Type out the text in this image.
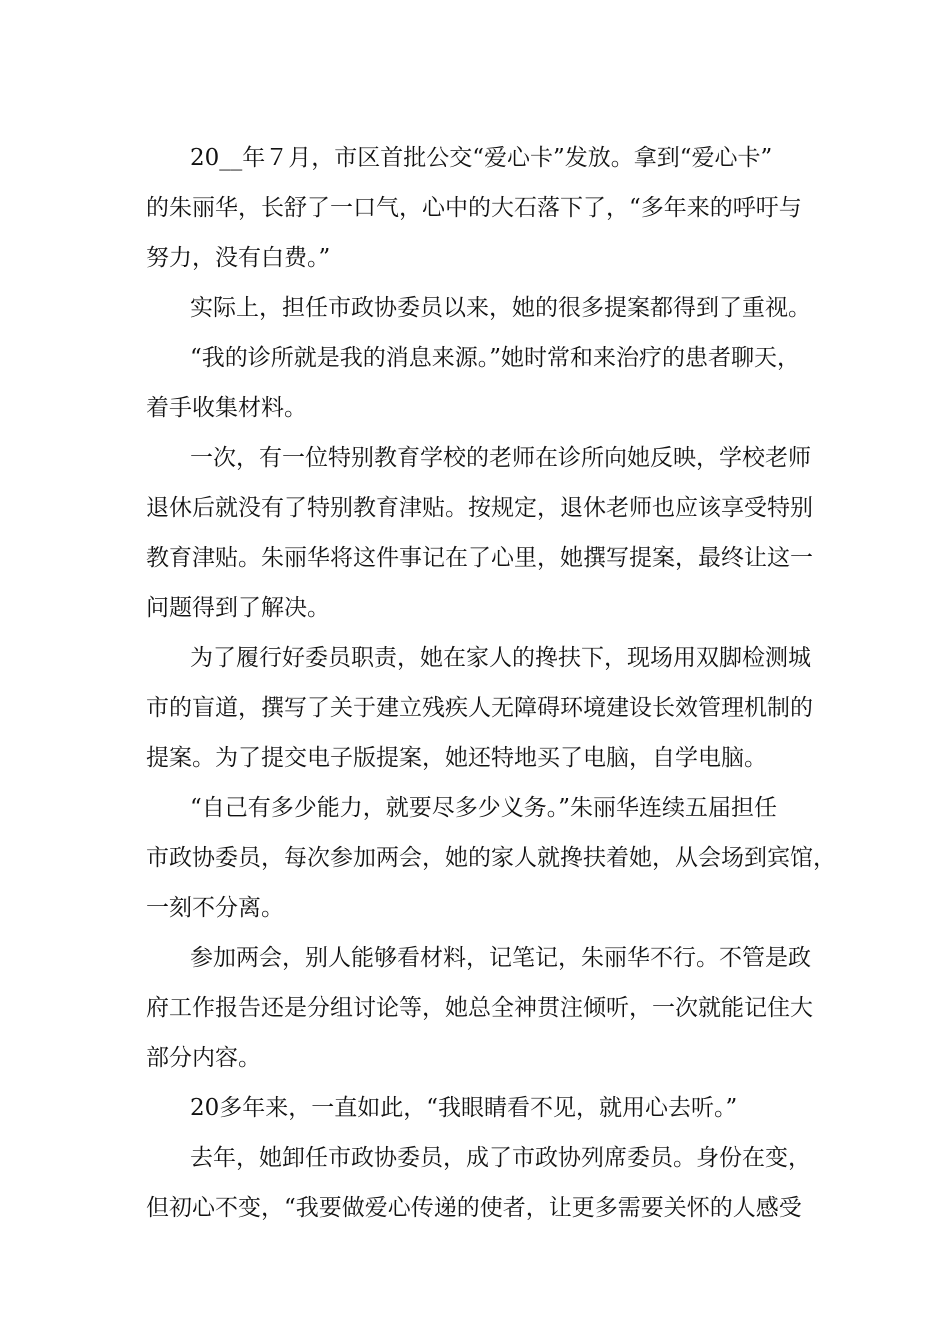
20__年７月，市区首批公交“爱心卡”发放。拿到“爱心卡”
的朱丽华，长舒了一口气，心中的大石落下了，“多年来的呼吁与
努力，没有白费。”
实际上，担任市政协委员以来，她的很多提案都得到了重视。
“我的诊所就是我的消息来源。”她时常和来治疗的患者聊天，
着手收集材料。
一次，有一位特别教育学校的老师在诊所向她反映，学校老师
退休后就没有了特别教育津贴。按规定，退休老师也应该享受特别
教育津贴。朱丽华将这件事记在了心里，她撰写提案，最终让这一
问题得到了解决。
为了履行好委员职责，她在家人的搀扶下，现场用双脚检测城
市的盲道，撰写了关于建立残疾人无障碍环境建设长效管理机制的
提案。为了提交电子版提案，她还特地买了电脑，自学电脑。
“自己有多少能力，就要尽多少义务。”朱丽华连续五届担任
市政协委员，每次参加两会，她的家人就搀扶着她，从会场到宾馆，
一刻不分离。
参加两会，别人能够看材料，记笔记，朱丽华不行。不管是政
府工作报告还是分组讨论等，她总全神贯注倾听，一次就能记住大
部分内容。
20多年来，一直如此，“我眼睛看不见，就用心去听。”
去年，她卸任市政协委员，成了市政协列席委员。身份在变，
但初心不变，“我要做爱心传递的使者，让更多需要关怀的人感受
